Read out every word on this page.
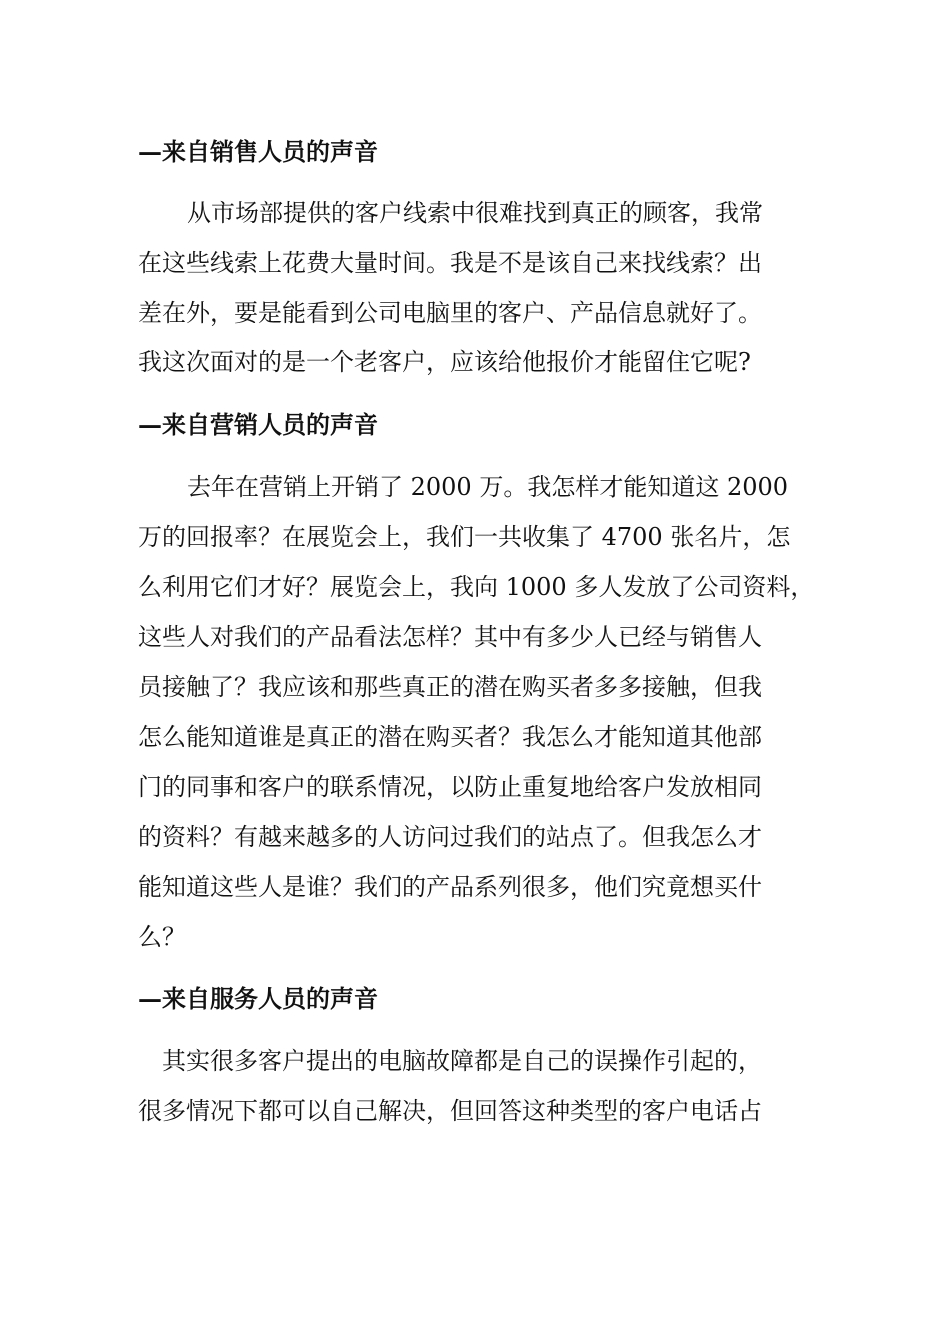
—来自销售人员的声音
从市场部提供的客户线索中很难找到真正的顾客，我常
在这些线索上花费大量时间。我是不是该自己来找线索？出
差在外，要是能看到公司电脑里的客户、产品信息就好了。
我这次面对的是一个老客户，应该给他报价才能留住它呢?
—来自营销人员的声音
去年在营销上开销了 2000 万。我怎样才能知道这 2000
万的回报率？在展览会上，我们一共收集了 4700 张名片，怎
么利用它们才好？展览会上，我向 1000 多人发放了公司资料，
这些人对我们的产品看法怎样？其中有多少人已经与销售人
员接触了？我应该和那些真正的潜在购买者多多接触，但我
怎么能知道谁是真正的潜在购买者？我怎么才能知道其他部
门的同事和客户的联系情况，以防止重复地给客户发放相同
的资料？有越来越多的人访问过我们的站点了。但我怎么才
能知道这些人是谁？我们的产品系列很多，他们究竟想买什
么？
—来自服务人员的声音
其实很多客户提出的电脑故障都是自己的误操作引起的，
很多情况下都可以自己解决，但回答这种类型的客户电话占
